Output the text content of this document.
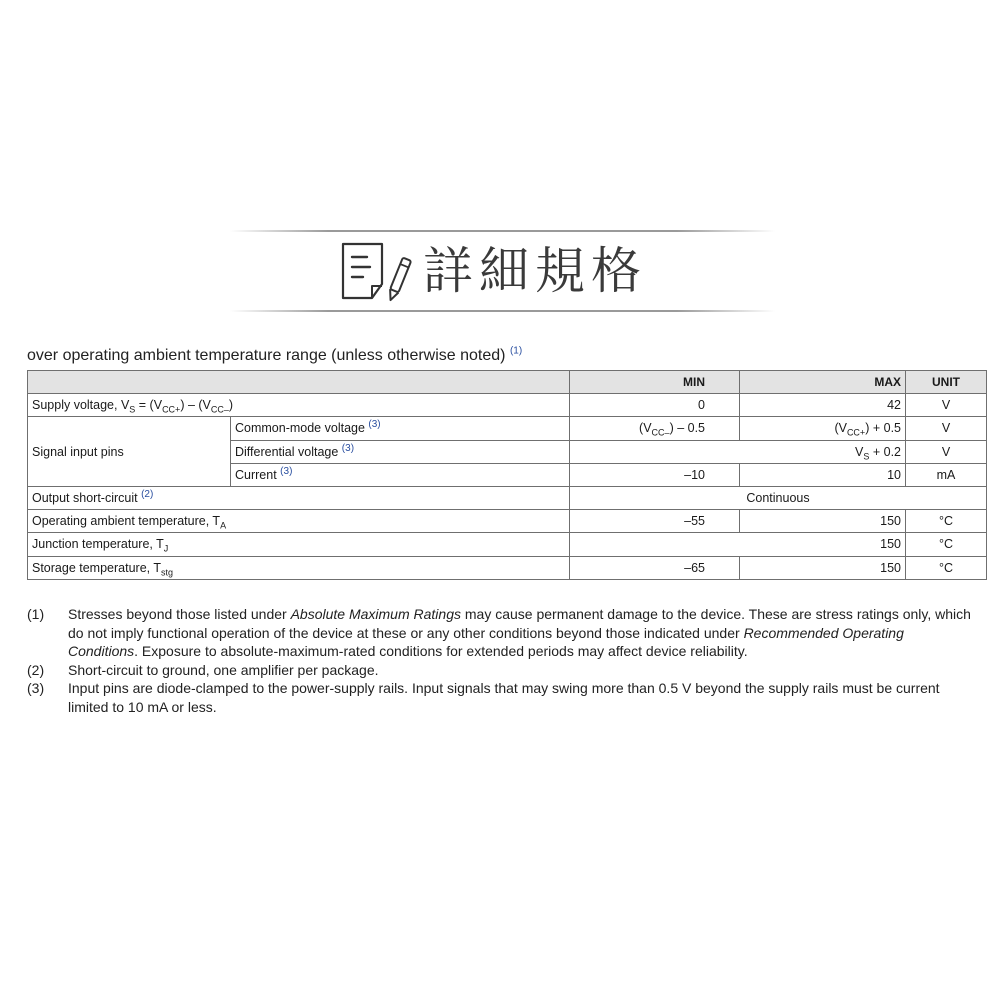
詳細規格
over operating ambient temperature range (unless otherwise noted) $^{(1)}$
		MIN	MAX	UNIT
Supply voltage, $V_S = (V_{CC+}) - (V_{CC-})$		0	42	V
Signal input pins	Common-mode voltage $^{(3)}$	$(V_{CC-}) - 0.5$	$(V_{CC+}) + 0.5$	V
	Differential voltage $^{(3)}$	$V_S + 0.2$		V
	Current $^{(3)}$	–10	10	mA
Output short-circuit $^{(2)}$		Continuous		
Operating ambient temperature, $T_A$		–55	150	°C
Junction temperature, $T_J$		150		°C
Storage temperature, $T_{stg}$		–65	150	°C
(1)	Stresses beyond those listed under Absolute Maximum Ratings may cause permanent damage to the device. These are stress ratings only, which do not imply functional operation of the device at these or any other conditions beyond those indicated under Recommended Operating Conditions. Exposure to absolute-maximum-rated conditions for extended periods may affect device reliability.
(2)	Short-circuit to ground, one amplifier per package.
(3)	Input pins are diode-clamped to the power-supply rails. Input signals that may swing more than 0.5 V beyond the supply rails must be current limited to 10 mA or less.
